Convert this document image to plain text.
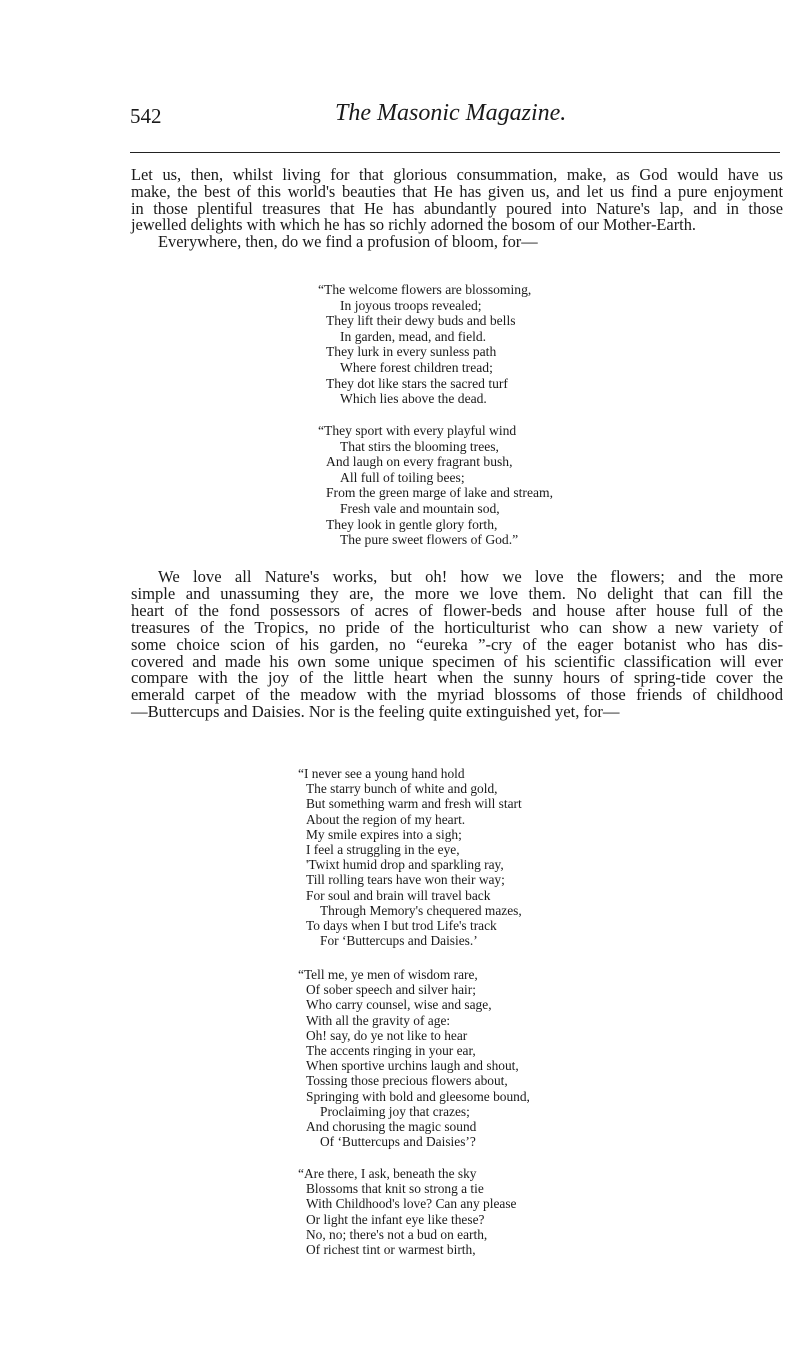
542	The Masonic Magazine.
Let us, then, whilst living for that glorious consummation, make, as God would have us
make, the best of this world's beauties that He has given us, and let us find a pure enjoyment
in those plentiful treasures that He has abundantly poured into Nature's lap, and in those
jewelled delights with which he has so richly adorned the bosom of our Mother-Earth.
Everywhere, then, do we find a profusion of bloom, for—
“The welcome flowers are blossoming,
In joyous troops revealed;
They lift their dewy buds and bells
In garden, mead, and field.
They lurk in every sunless path
Where forest children tread;
They dot like stars the sacred turf
Which lies above the dead.
“They sport with every playful wind
That stirs the blooming trees,
And laugh on every fragrant bush,
All full of toiling bees;
From the green marge of lake and stream,
Fresh vale and mountain sod,
They look in gentle glory forth,
The pure sweet flowers of God.”
We love all Nature's works, but oh! how we love the flowers; and the more
simple and unassuming they are, the more we love them. No delight that can fill the
heart of the fond possessors of acres of flower-beds and house after house full of the
treasures of the Tropics, no pride of the horticulturist who can show a new variety of
some choice scion of his garden, no “eureka ”-cry of the eager botanist who has dis-
covered and made his own some unique specimen of his scientific classification will ever
compare with the joy of the little heart when the sunny hours of spring-tide cover the
emerald carpet of the meadow with the myriad blossoms of those friends of childhood
—Buttercups and Daisies. Nor is the feeling quite extinguished yet, for—
“I never see a young hand hold
The starry bunch of white and gold,
But something warm and fresh will start
About the region of my heart.
My smile expires into a sigh;
I feel a struggling in the eye,
'Twixt humid drop and sparkling ray,
Till rolling tears have won their way;
For soul and brain will travel back
Through Memory's chequered mazes,
To days when I but trod Life's track
For ‘Buttercups and Daisies.’
“Tell me, ye men of wisdom rare,
Of sober speech and silver hair;
Who carry counsel, wise and sage,
With all the gravity of age:
Oh! say, do ye not like to hear
The accents ringing in your ear,
When sportive urchins laugh and shout,
Tossing those precious flowers about,
Springing with bold and gleesome bound,
Proclaiming joy that crazes;
And chorusing the magic sound
Of ‘Buttercups and Daisies’?
“Are there, I ask, beneath the sky
Blossoms that knit so strong a tie
With Childhood's love? Can any please
Or light the infant eye like these?
No, no; there's not a bud on earth,
Of richest tint or warmest birth,
